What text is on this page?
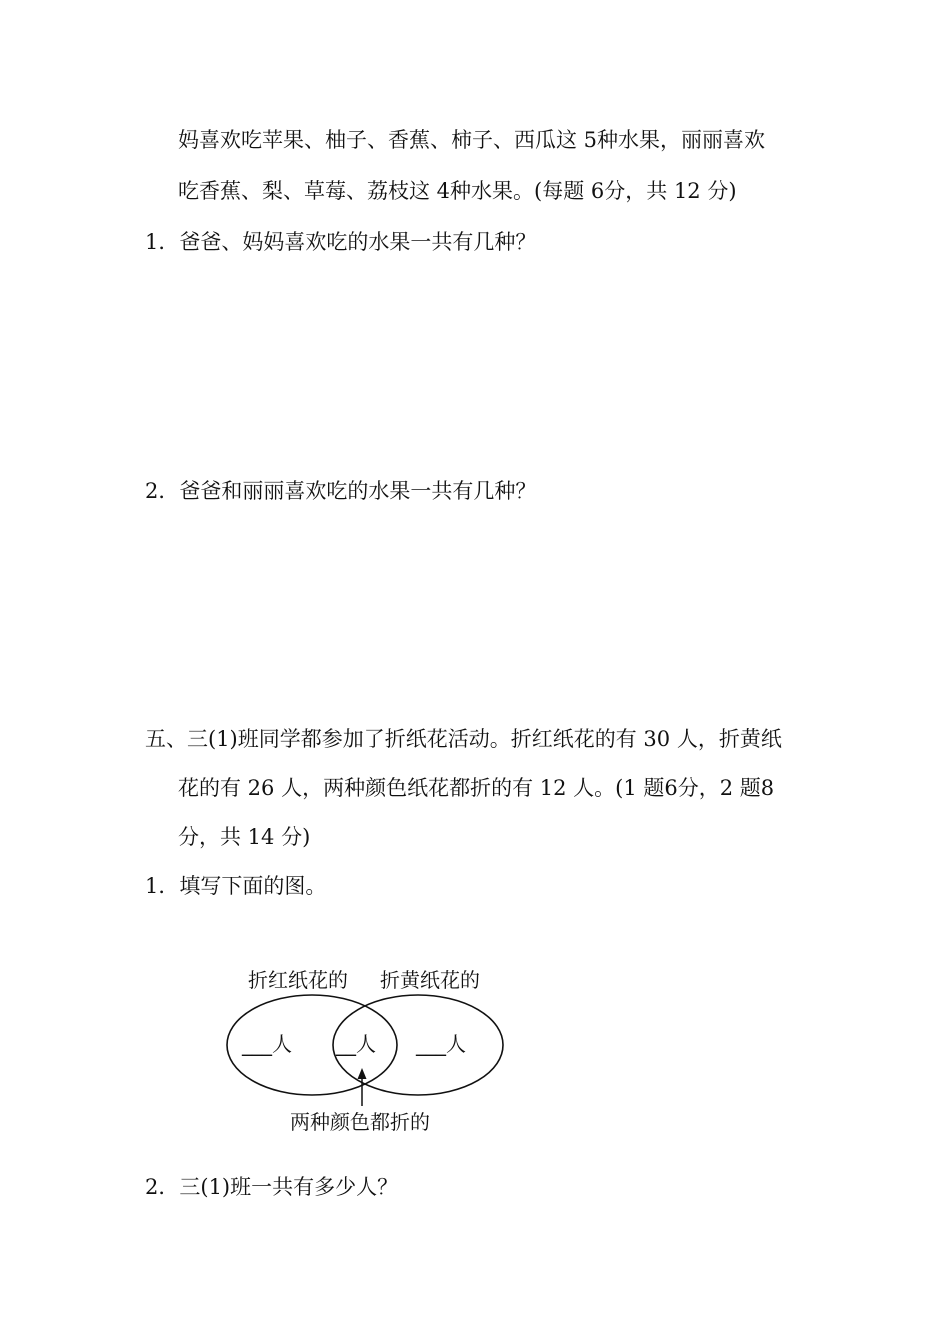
妈喜欢吃苹果、柚子、香蕉、柿子、西瓜这 5种水果，丽丽喜欢
吃香蕉、梨、草莓、荔枝这 4种水果。(每题 6分，共 12 分)
1．爸爸、妈妈喜欢吃的水果一共有几种？
2．爸爸和丽丽喜欢吃的水果一共有几种？
五、三(1)班同学都参加了折纸花活动。折红纸花的有 30 人，折黄纸
花的有 26 人，两种颜色纸花都折的有 12 人。(1 题6分，2 题8
分，共 14 分)
1．填写下面的图。
折红纸花的 折黄纸花的
___人 __人 ___人
两种颜色都折的
2．三(1)班一共有多少人？
